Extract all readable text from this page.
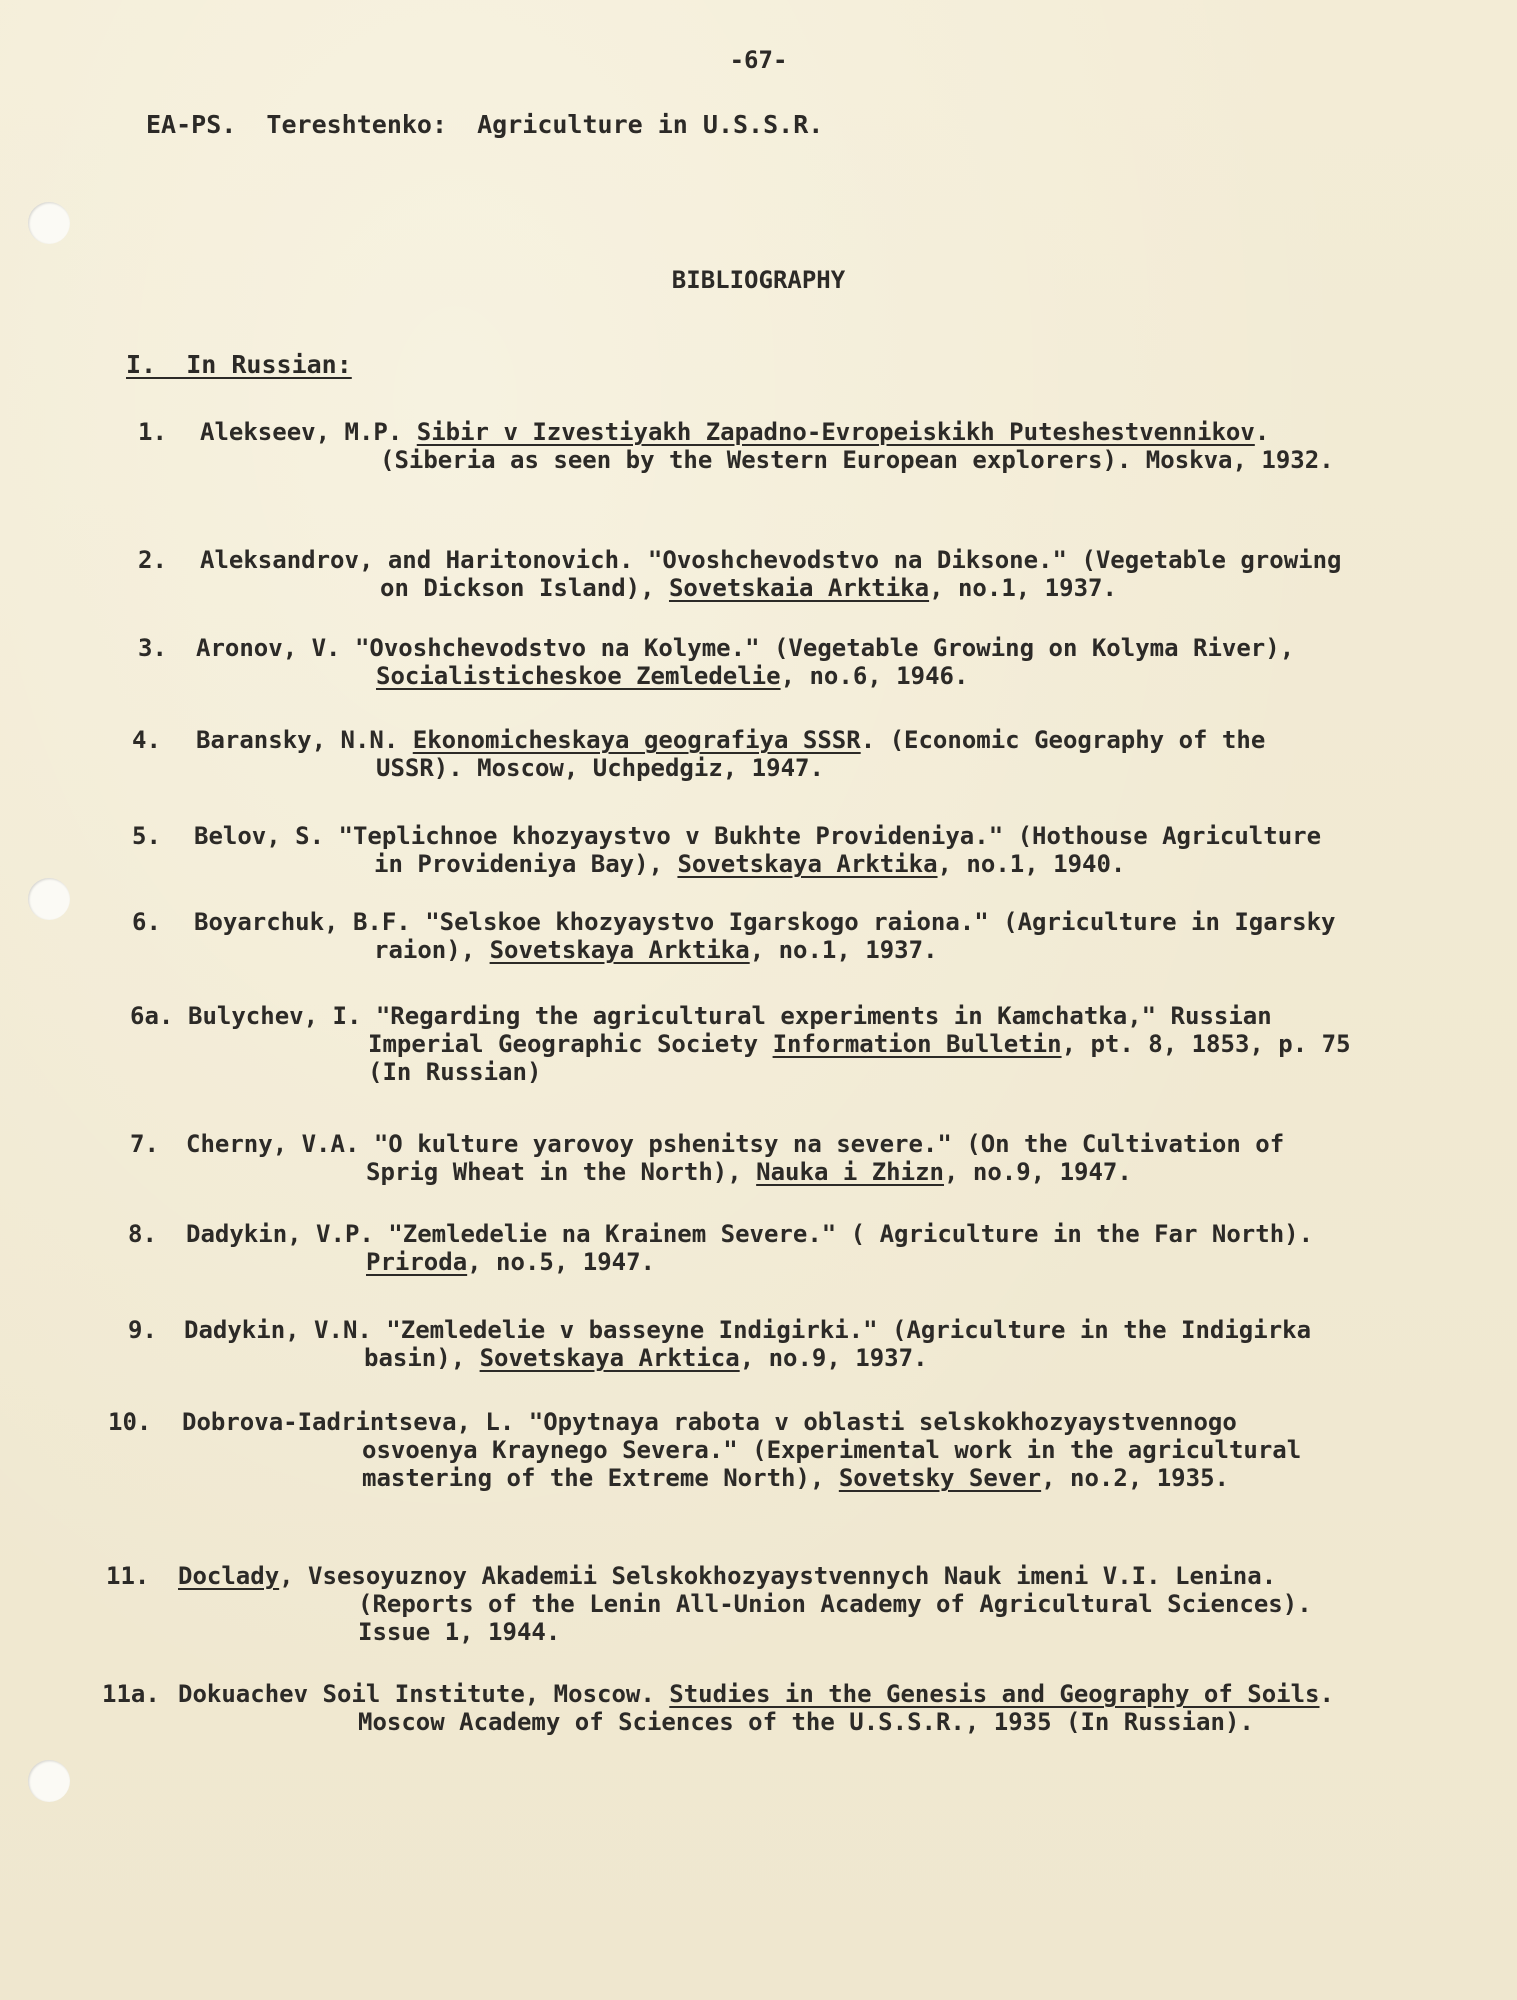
-67-
EA-PS.  Tereshtenko:  Agriculture in U.S.S.R.
BIBLIOGRAPHY
I.  In Russian:
1. Alekseev, M.P. Sibir v Izvestiyakh Zapadno-Evropeiskikh Puteshestvennikov. (Siberia as seen by the Western European explorers). Moskva, 1932.
2. Aleksandrov, and Haritonovich. "Ovoshchevodstvo na Diksone." (Vegetable growing on Dickson Island), Sovetskaia Arktika, no.1, 1937.
3. Aronov, V. "Ovoshchevodstvo na Kolyme." (Vegetable Growing on Kolyma River), Socialisticheskoe Zemledelie, no.6, 1946.
4. Baransky, N.N. Ekonomicheskaya geografiya SSSR. (Economic Geography of the USSR). Moscow, Uchpedgiz, 1947.
5. Belov, S. "Teplichnoe khozyaystvo v Bukhte Provideniya." (Hothouse Agriculture in Provideniya Bay), Sovetskaya Arktika, no.1, 1940.
6. Boyarchuk, B.F. "Selskoe khozyaystvo Igarskogo raiona." (Agriculture in Igarsky raion), Sovetskaya Arktika, no.1, 1937.
6a. Bulychev, I. "Regarding the agricultural experiments in Kamchatka," Russian Imperial Geographic Society Information Bulletin, pt. 8, 1853, p. 75 (In Russian)
7. Cherny, V.A. "O kulture yarovoy pshenitsy na severe." (On the Cultivation of Sprig Wheat in the North), Nauka i Zhizn, no.9, 1947.
8. Dadykin, V.P. "Zemledelie na Krainem Severe." ( Agriculture in the Far North). Priroda, no.5, 1947.
9. Dadykin, V.N. "Zemledelie v basseyne Indigirki." (Agriculture in the Indigirka basin), Sovetskaya Arktica, no.9, 1937.
10. Dobrova-Iadrintseva, L. "Opytnaya rabota v oblasti selskokhozyaystvennogo osvoenya Kraynego Severa." (Experimental work in the agricultural mastering of the Extreme North), Sovetsky Sever, no.2, 1935.
11. Doclady, Vsesoyuznoy Akademii Selskokhozyaystvennych Nauk imeni V.I. Lenina. (Reports of the Lenin All-Union Academy of Agricultural Sciences). Issue 1, 1944.
11a. Dokuachev Soil Institute, Moscow. Studies in the Genesis and Geography of Soils. Moscow Academy of Sciences of the U.S.S.R., 1935 (In Russian).
